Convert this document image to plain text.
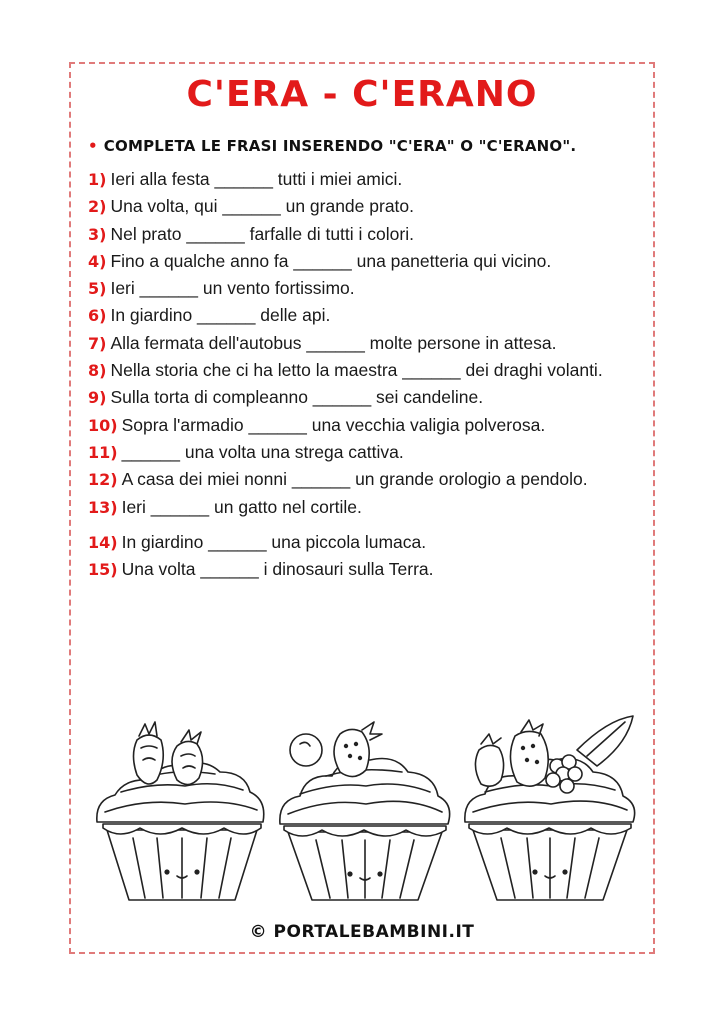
C'ERA - C'ERANO

• COMPLETA LE FRASI INSERENDO "C'ERA" O "C'ERANO".

1) Ieri alla festa ______ tutti i miei amici.
2) Una volta, qui ______ un grande prato.
3) Nel prato ______ farfalle di tutti i colori.
4) Fino a qualche anno fa ______ una panetteria qui vicino.
5) Ieri ______ un vento fortissimo.
6) In giardino ______ delle api.
7) Alla fermata dell'autobus ______ molte persone in attesa.
8) Nella storia che ci ha letto la maestra ______ dei draghi volanti.
9) Sulla torta di compleanno ______ sei candeline.
10) Sopra l'armadio ______ una vecchia valigia polverosa.
11) ______ una volta una strega cattiva.
12) A casa dei miei nonni ______ un grande orologio a pendolo.
13) Ieri ______ un gatto nel cortile.
14) In giardino ______ una piccola lumaca.
15) Una volta ______ i dinosauri sulla Terra.

© PORTALEBAMBINI.IT
